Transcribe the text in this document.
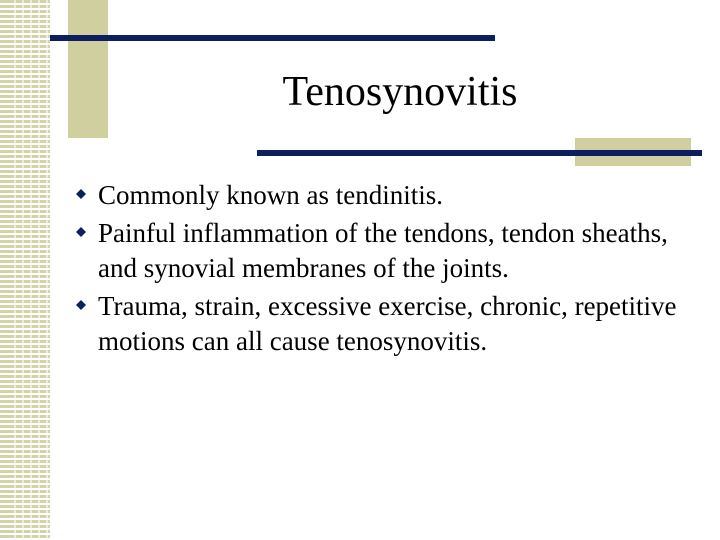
Tenosynovitis
Commonly known as tendinitis.
Painful inflammation of the tendons, tendon sheaths, and synovial membranes of the joints.
Trauma, strain, excessive exercise, chronic, repetitive motions can all cause tenosynovitis.
